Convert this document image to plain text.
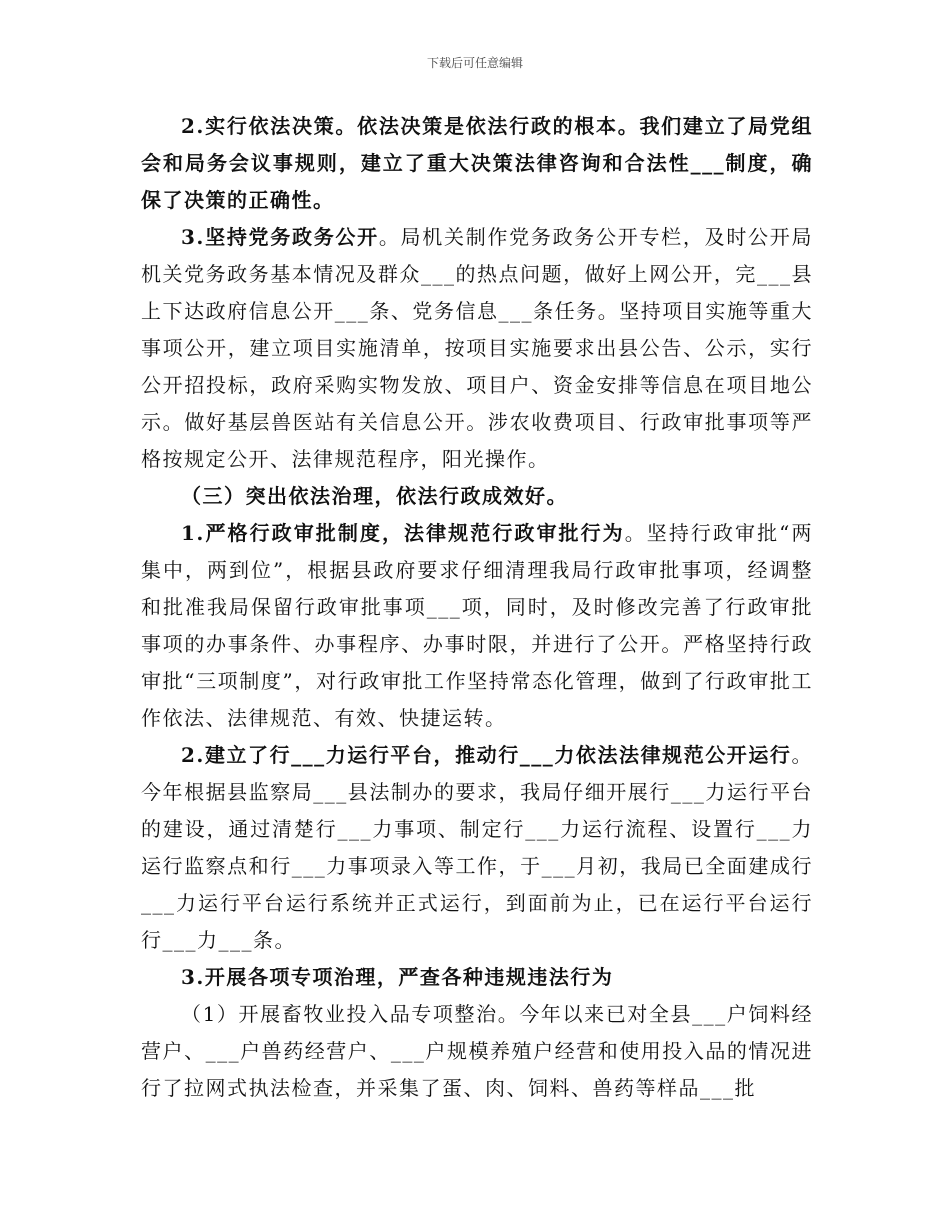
下载后可任意编辑

2.实行依法决策。依法决策是依法行政的根本。我们建立了局党组会和局务会议事规则，建立了重大决策法律咨询和合法性___制度，确保了决策的正确性。

3.坚持党务政务公开。局机关制作党务政务公开专栏，及时公开局机关党务政务基本情况及群众___的热点问题，做好上网公开，完___县上下达政府信息公开___条、党务信息___条任务。坚持项目实施等重大事项公开，建立项目实施清单，按项目实施要求出县公告、公示，实行公开招投标，政府采购实物发放、项目户、资金安排等信息在项目地公示。做好基层兽医站有关信息公开。涉农收费项目、行政审批事项等严格按规定公开、法律规范程序，阳光操作。

（三）突出依法治理，依法行政成效好。

1.严格行政审批制度，法律规范行政审批行为。坚持行政审批“两集中，两到位”，根据县政府要求仔细清理我局行政审批事项，经调整和批准我局保留行政审批事项___项，同时，及时修改完善了行政审批事项的办事条件、办事程序、办事时限，并进行了公开。严格坚持行政审批“三项制度”，对行政审批工作坚持常态化管理，做到了行政审批工作依法、法律规范、有效、快捷运转。

2.建立了行___力运行平台，推动行___力依法法律规范公开运行。今年根据县监察局___县法制办的要求，我局仔细开展行___力运行平台的建设，通过清楚行___力事项、制定行___力运行流程、设置行___力运行监察点和行___力事项录入等工作，于___月初，我局已全面建成行___力运行平台运行系统并正式运行，到面前为止，已在运行平台运行行___力___条。

3.开展各项专项治理，严查各种违规违法行为

（1）开展畜牧业投入品专项整治。今年以来已对全县___户饲料经营户、___户兽药经营户、___户规模养殖户经营和使用投入品的情况进行了拉网式执法检查，并采集了蛋、肉、饲料、兽药等样品___批
